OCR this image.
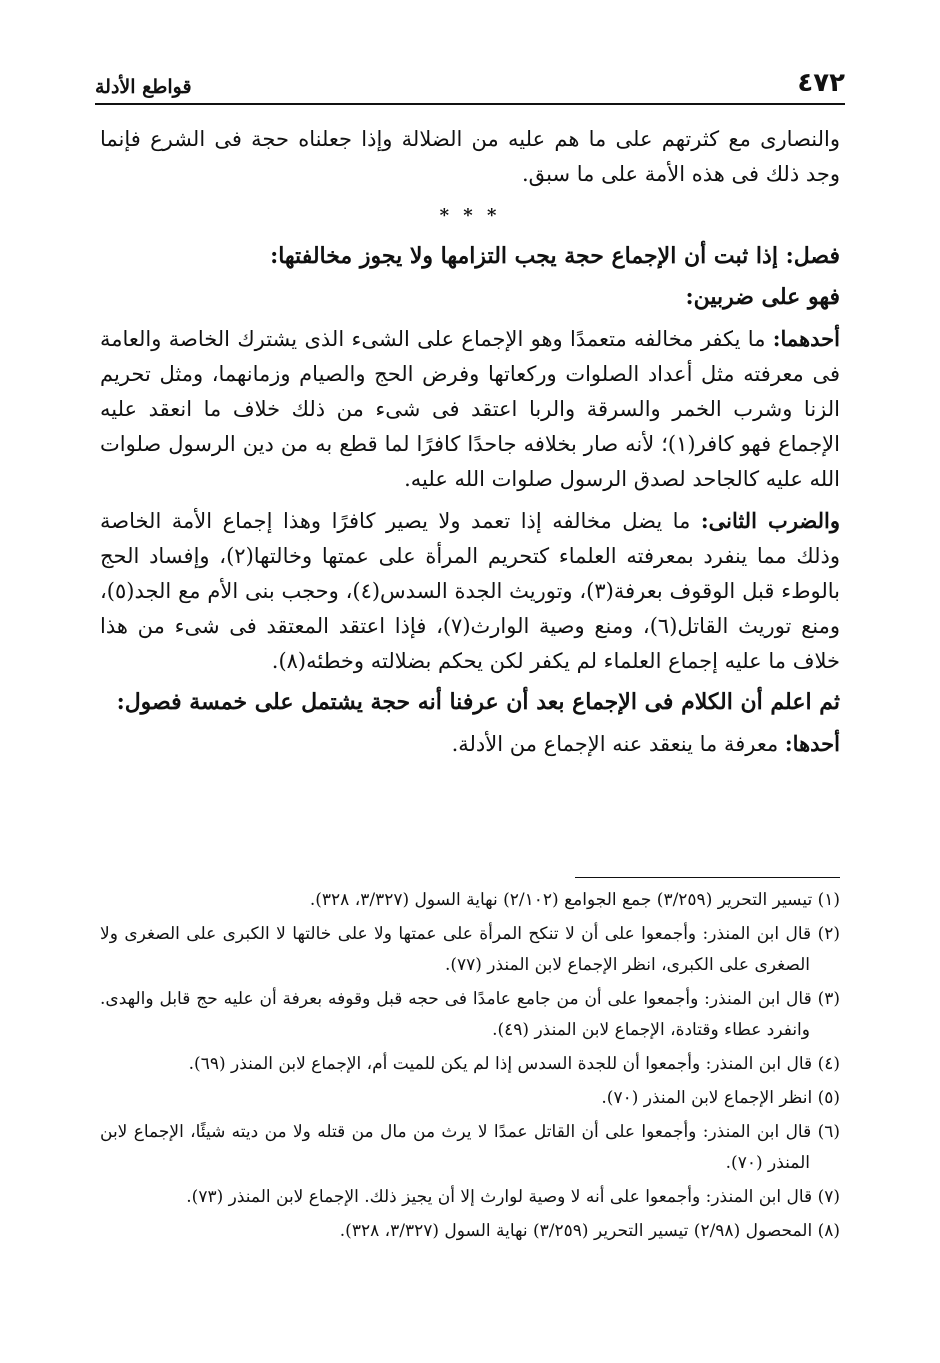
٤٧٢
قواطع الأدلة

والنصارى مع كثرتهم على ما هم عليه من الضلالة وإذا جعلناه حجة فى الشرع فإنما وجد ذلك فى هذه الأمة على ما سبق.

* * *

فصل: إذا ثبت أن الإجماع حجة يجب التزامها ولا يجوز مخالفتها:

فهو على ضربين:

أحدهما: ما يكفر مخالفه متعمدًا وهو الإجماع على الشىء الذى يشترك الخاصة والعامة فى معرفته مثل أعداد الصلوات وركعاتها وفرض الحج والصيام وزمانهما، ومثل تحريم الزنا وشرب الخمر والسرقة والربا اعتقد فى شىء من ذلك خلاف ما انعقد عليه الإجماع فهو كافر(١)؛ لأنه صار بخلافه جاحدًا كافرًا لما قطع به من دين الرسول صلوات الله عليه كالجاحد لصدق الرسول صلوات الله عليه.

والضرب الثانى: ما يضل مخالفه إذا تعمد ولا يصير كافرًا وهذا إجماع الأمة الخاصة وذلك مما ينفرد بمعرفته العلماء كتحريم المرأة على عمتها وخالتها(٢)، وإفساد الحج بالوطء قبل الوقوف بعرفة(٣)، وتوريث الجدة السدس(٤)، وحجب بنى الأم مع الجد(٥)، ومنع توريث القاتل(٦)، ومنع وصية الوارث(٧)، فإذا اعتقد المعتقد فى شىء من هذا خلاف ما عليه إجماع العلماء لم يكفر لكن يحكم بضلالته وخطئه(٨).

ثم اعلم أن الكلام فى الإجماع بعد أن عرفنا أنه حجة يشتمل على خمسة فصول:

أحدها: معرفة ما ينعقد عنه الإجماع من الأدلة.

(١) تيسير التحرير (٣/٢٥٩) جمع الجوامع (٢/١٠٢) نهاية السول (٣/٣٢٧، ٣٢٨).

(٢) قال ابن المنذر: وأجمعوا على أن لا تنكح المرأة على عمتها ولا على خالتها لا الكبرى على الصغرى ولا الصغرى على الكبرى، انظر الإجماع لابن المنذر (٧٧).

(٣) قال ابن المنذر: وأجمعوا على أن من جامع عامدًا فى حجه قبل وقوفه بعرفة أن عليه حج قابل والهدى. وانفرد عطاء وقتادة، الإجماع لابن المنذر (٤٩).

(٤) قال ابن المنذر: وأجمعوا أن للجدة السدس إذا لم يكن للميت أم، الإجماع لابن المنذر (٦٩).

(٥) انظر الإجماع لابن المنذر (٧٠).

(٦) قال ابن المنذر: وأجمعوا على أن القاتل عمدًا لا يرث من مال من قتله ولا من ديته شيئًا، الإجماع لابن المنذر (٧٠).

(٧) قال ابن المنذر: وأجمعوا على أنه لا وصية لوارث إلا أن يجيز ذلك. الإجماع لابن المنذر (٧٣).

(٨) المحصول (٢/٩٨) تيسير التحرير (٣/٢٥٩) نهاية السول (٣/٣٢٧، ٣٢٨).
